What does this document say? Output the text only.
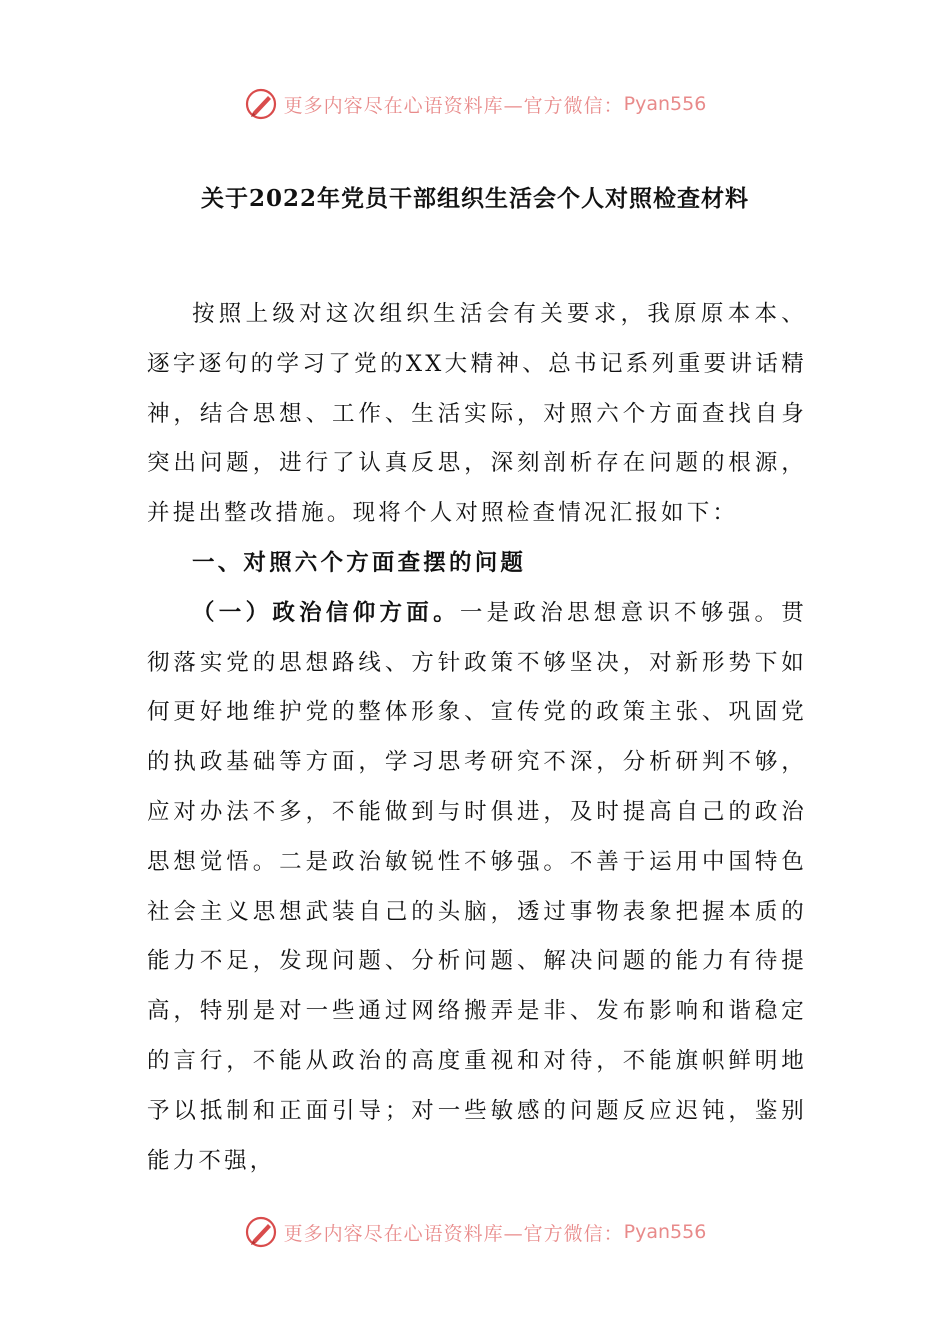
更多内容尽在心语资料库—官方微信： Pyan556
关于2022年党员干部组织生活会个人对照检查材料

按照上级对这次组织生活会有关要求，我原原本本、逐字逐句的学习了党的XX大精神、总书记系列重要讲话精神，结合思想、工作、生活实际，对照六个方面查找自身突出问题，进行了认真反思，深刻剖析存在问题的根源，并提出整改措施。现将个人对照检查情况汇报如下：

一、对照六个方面查摆的问题

（一）政治信仰方面。一是政治思想意识不够强。贯彻落实党的思想路线、方针政策不够坚决，对新形势下如何更好地维护党的整体形象、宣传党的政策主张、巩固党的执政基础等方面，学习思考研究不深，分析研判不够，应对办法不多，不能做到与时俱进，及时提高自己的政治思想觉悟。二是政治敏锐性不够强。不善于运用中国特色社会主义思想武装自己的头脑，透过事物表象把握本质的能力不足，发现问题、分析问题、解决问题的能力有待提高，特别是对一些通过网络搬弄是非、发布影响和谐稳定的言行，不能从政治的高度重视和对待，不能旗帜鲜明地予以抵制和正面引导；对一些敏感的问题反应迟钝，鉴别能力不强，

更多内容尽在心语资料库—官方微信： Pyan556
